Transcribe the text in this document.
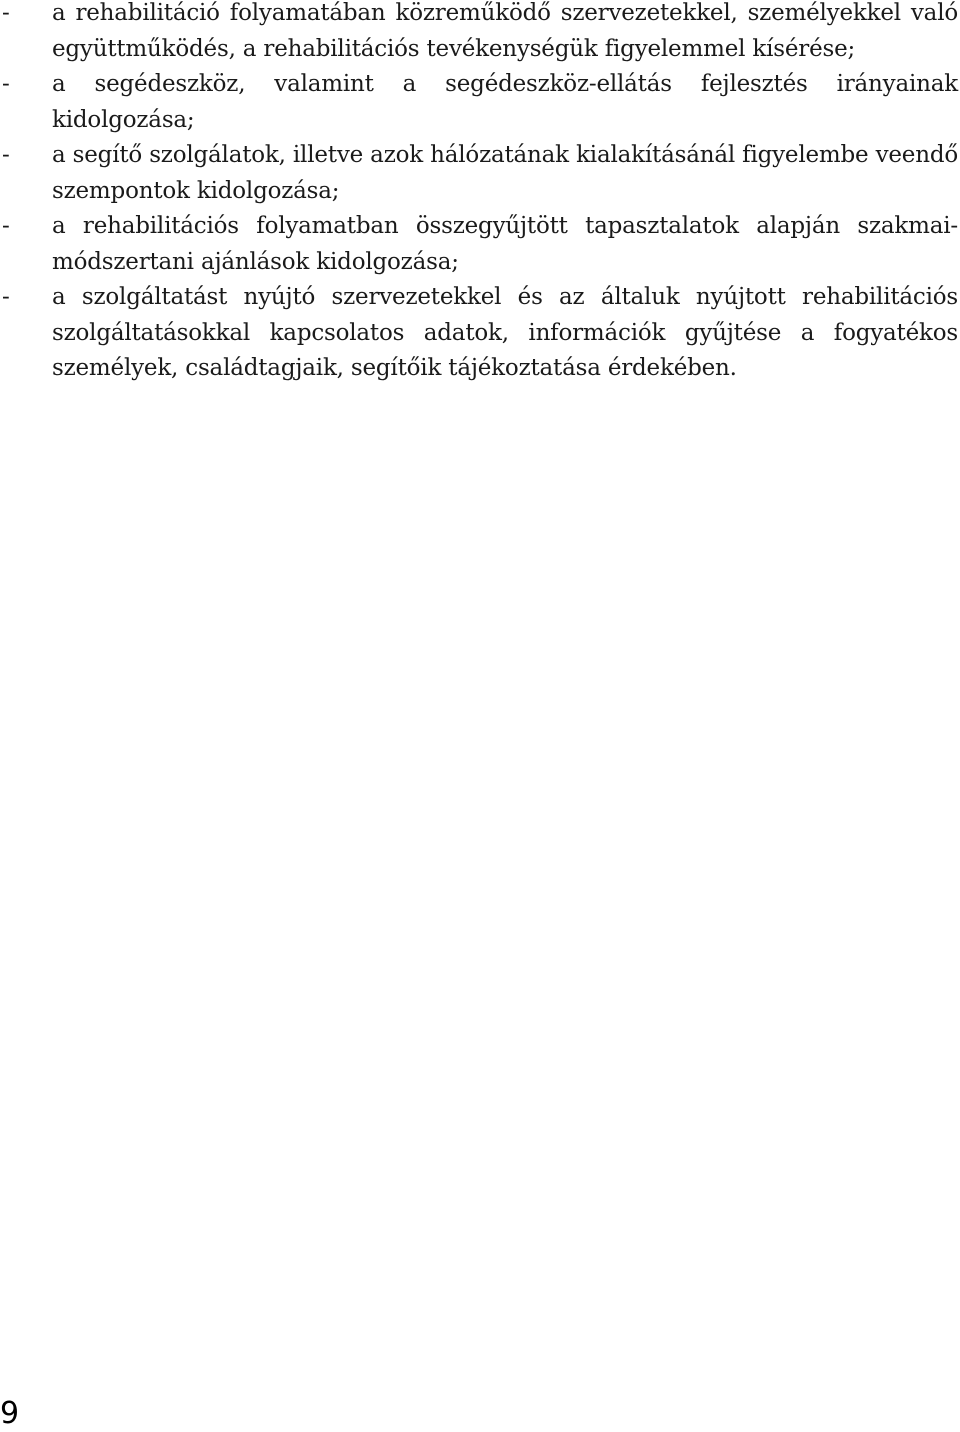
- a rehabilitáció folyamatában közreműködő szervezetekkel, személyekkel való együttműködés, a rehabilitációs tevékenységük figyelemmel kísérése;
- a segédeszköz, valamint a segédeszköz-ellátás fejlesztés irányainak kidolgozása;
- a segítő szolgálatok, illetve azok hálózatának kialakításánál figyelembe veendő szempontok kidolgozása;
- a rehabilitációs folyamatban összegyűjtött tapasztalatok alapján szakmai-módszertani ajánlások kidolgozása;
- a szolgáltatást nyújtó szervezetekkel és az általuk nyújtott rehabilitációs szolgáltatásokkal kapcsolatos adatok, információk gyűjtése a fogyatékos személyek, családtagjaik, segítőik tájékoztatása érdekében.
9
